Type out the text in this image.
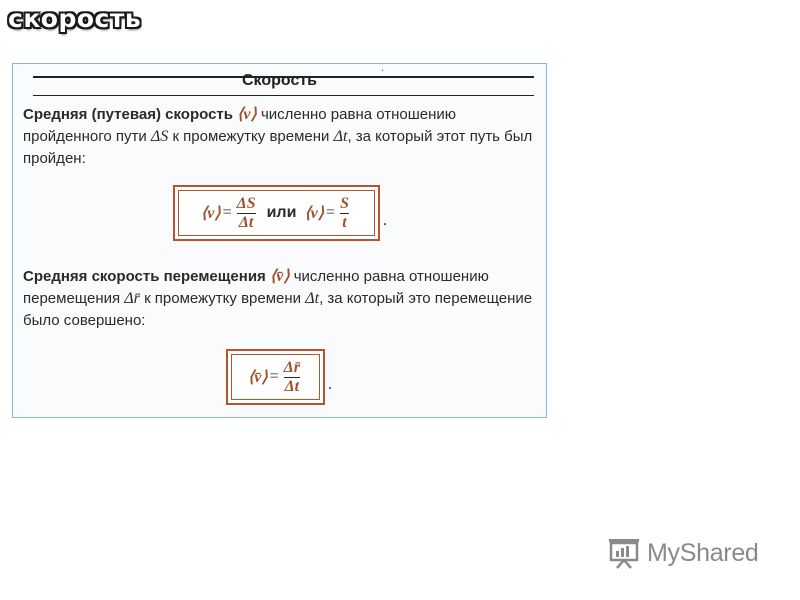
скорость
Скорость
·
Средняя (путевая) скорость ⟨v⟩ численно равна отношению пройденного пути ΔS к промежутку времени Δt, за который этот путь был пройден:
⟨v⟩ = $\frac{\Delta S}{\Delta t}$ или ⟨v⟩ = $\frac{S}{t}$ .
Средняя скорость перемещения ⟨v̄⟩ численно равна отношению перемещения Δr̄ к промежутку времени Δt, за который это перемещение было совершено:
⟨v̄⟩ = $\frac{\Delta r̄}{\Delta t}$ .
MyShared
